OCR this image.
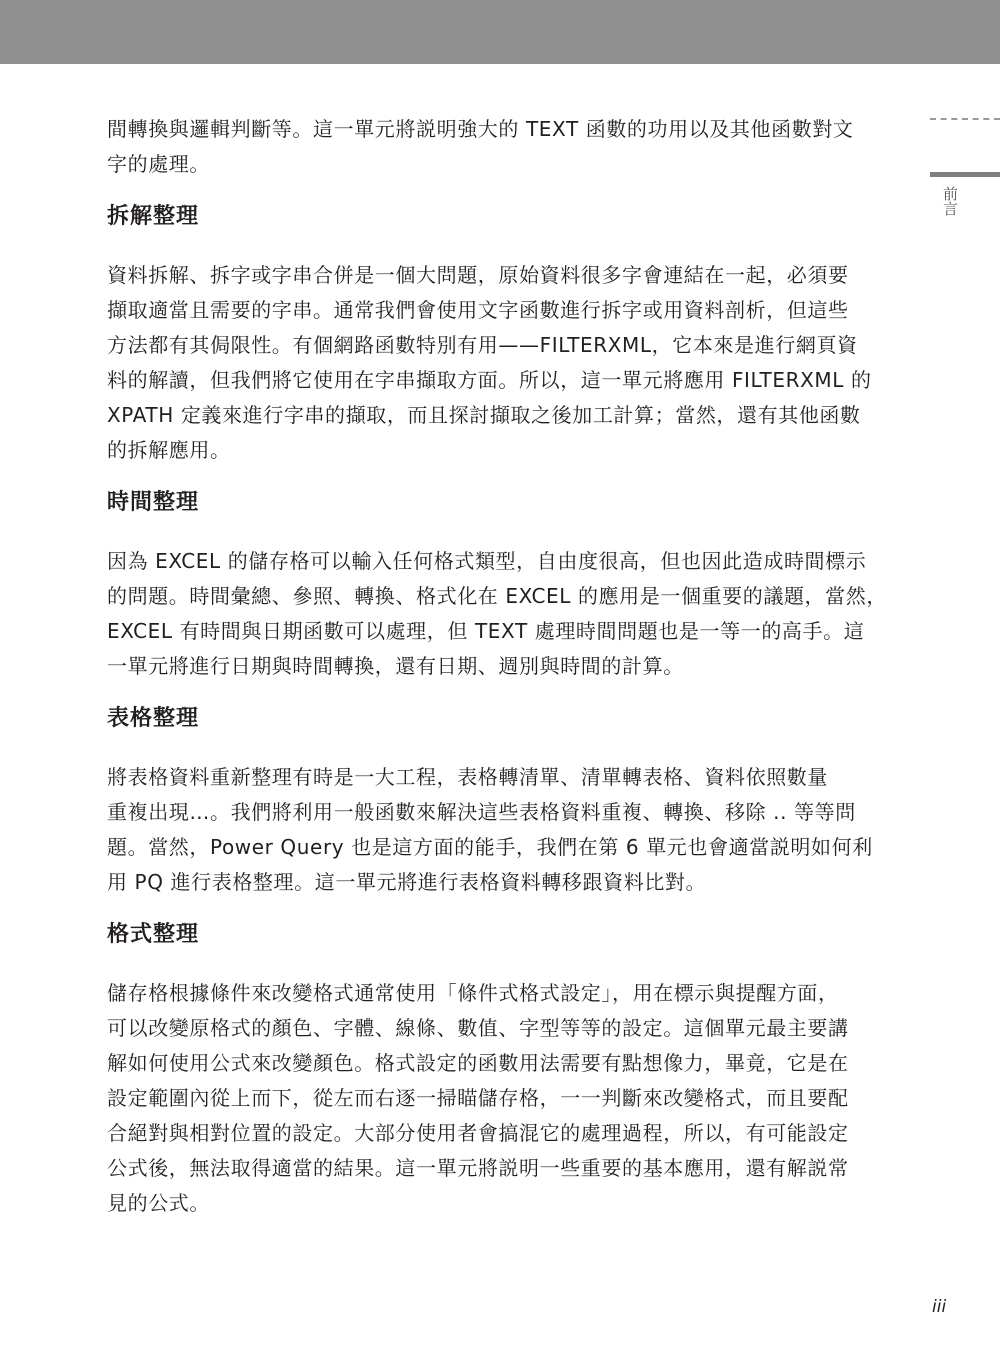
前言

間轉換與邏輯判斷等。這一單元將説明強大的 TEXT 函數的功用以及其他函數對文
字的處理。

拆解整理

資料拆解、拆字或字串合併是一個大問題，原始資料很多字會連結在一起，必須要
擷取適當且需要的字串。通常我們會使用文字函數進行拆字或用資料剖析，但這些
方法都有其侷限性。有個網路函數特別有用——FILTERXML，它本來是進行網頁資
料的解讀，但我們將它使用在字串擷取方面。所以，這一單元將應用 FILTERXML 的
XPATH 定義來進行字串的擷取，而且探討擷取之後加工計算；當然，還有其他函數
的拆解應用。

時間整理

因為 EXCEL 的儲存格可以輸入任何格式類型，自由度很高，但也因此造成時間標示
的問題。時間彙總、參照、轉換、格式化在 EXCEL 的應用是一個重要的議題，當然，
EXCEL 有時間與日期函數可以處理，但 TEXT 處理時間問題也是一等一的高手。這
一單元將進行日期與時間轉換，還有日期、週別與時間的計算。

表格整理

將表格資料重新整理有時是一大工程，表格轉清單、清單轉表格、資料依照數量
重複出現…。我們將利用一般函數來解決這些表格資料重複、轉換、移除 .. 等等問
題。當然，Power Query 也是這方面的能手，我們在第 6 單元也會適當説明如何利
用 PQ 進行表格整理。這一單元將進行表格資料轉移跟資料比對。

格式整理

儲存格根據條件來改變格式通常使用「條件式格式設定」，用在標示與提醒方面，
可以改變原格式的顏色、字體、線條、數值、字型等等的設定。這個單元最主要講
解如何使用公式來改變顏色。格式設定的函數用法需要有點想像力，畢竟，它是在
設定範圍內從上而下，從左而右逐一掃瞄儲存格，一一判斷來改變格式，而且要配
合絕對與相對位置的設定。大部分使用者會搞混它的處理過程，所以，有可能設定
公式後，無法取得適當的結果。這一單元將説明一些重要的基本應用，還有解説常
見的公式。

iii
